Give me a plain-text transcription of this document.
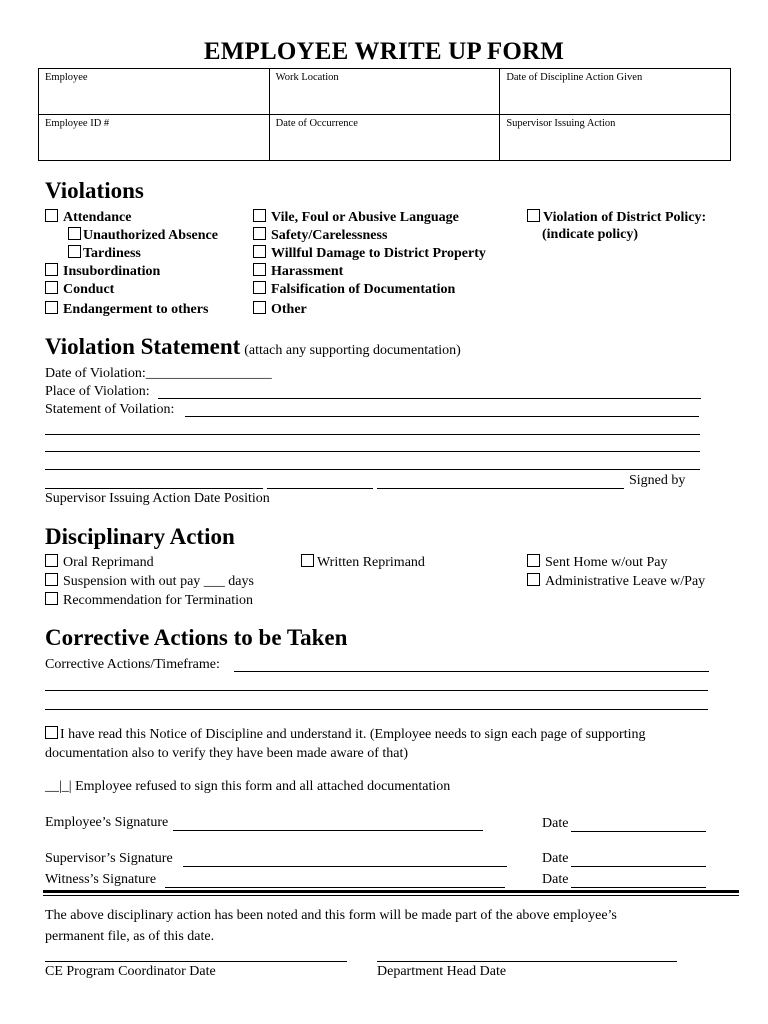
EMPLOYEE WRITE UP FORM
Employee	Work Location	Date of Discipline Action Given
Employee ID #	Date of Occurrence	Supervisor Issuing Action
Violations
Attendance
Unauthorized Absence
Tardiness
Insubordination
Conduct
Endangerment to others
Vile, Foul or Abusive Language
Safety/Carelessness
Willful Damage to District Property
Harassment
Falsification of Documentation
Other
Violation of District Policy:
(indicate policy)
Violation Statement (attach any supporting documentation)
Date of Violation:__________________
Place of Violation:
Statement of Voilation:
Signed by
Supervisor Issuing Action Date Position
Disciplinary Action
Oral Reprimand
Suspension with out pay ___ days
Recommendation for Termination
Written Reprimand	Sent Home w/out Pay
Administrative Leave w/Pay
Corrective Actions to be Taken
Corrective Actions/Timeframe:
I have read this Notice of Discipline and understand it. (Employee needs to sign each page of supporting
documentation also to verify they have been made aware of that)
__|_| Employee refused to sign this form and all attached documentation
Employee’s Signature	Date
Supervisor’s Signature	Date
Witness’s Signature	Date
The above disciplinary action has been noted and this form will be made part of the above employee’s
permanent file, as of this date.
CE Program Coordinator Date	Department Head Date
